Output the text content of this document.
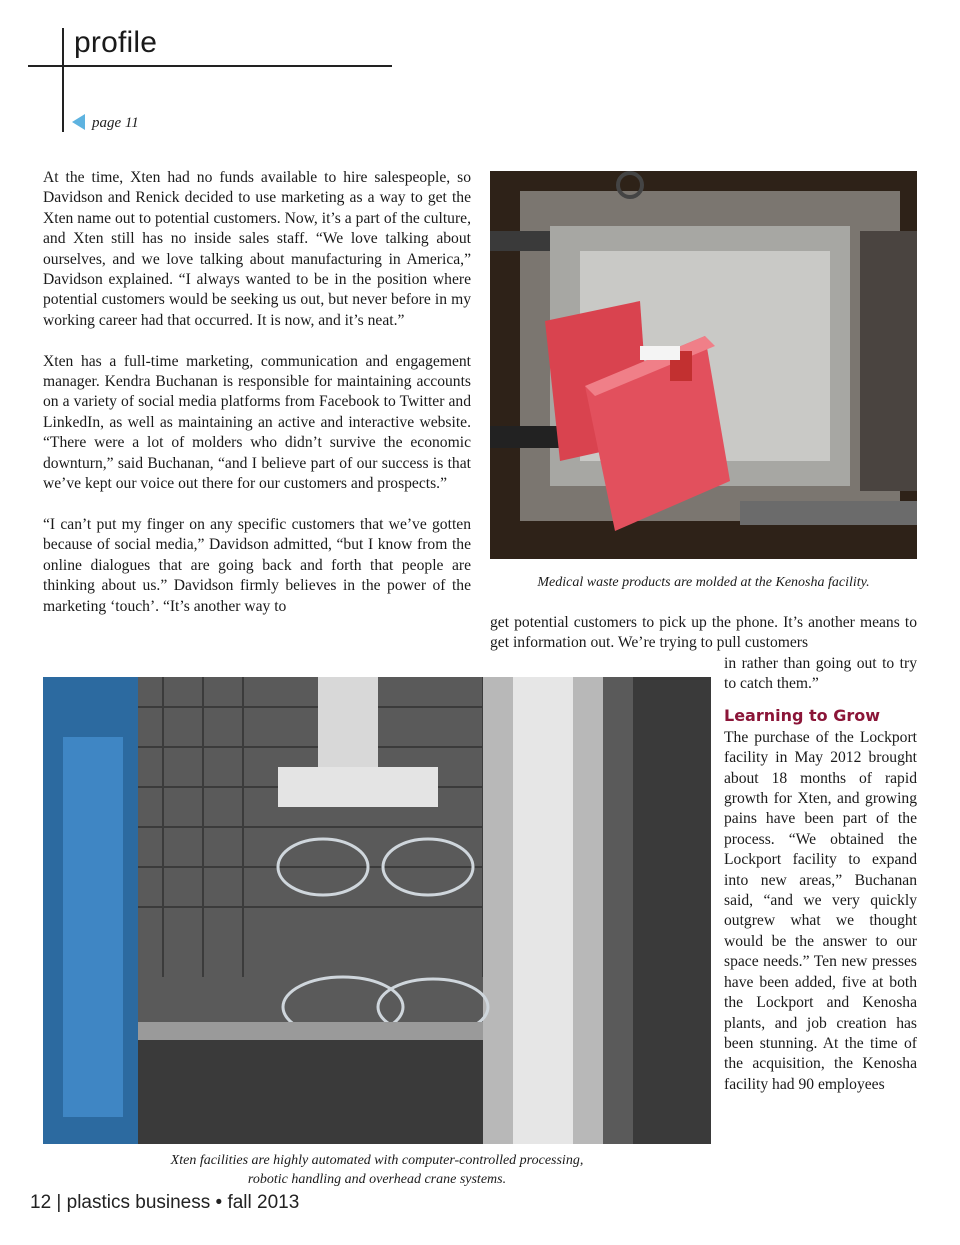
profile
page 11

At the time, Xten had no funds available to hire salespeople, so Davidson and Renick decided to use marketing as a way to get the Xten name out to potential customers. Now, it’s a part of the culture, and Xten still has no inside sales staff. “We love talking about ourselves, and we love talking about manufacturing in America,” Davidson explained. “I always wanted to be in the position where potential customers would be seeking us out, but never before in my working career had that occurred. It is now, and it’s neat.”

Xten has a full-time marketing, communication and engagement manager. Kendra Buchanan is responsible for maintaining accounts on a variety of social media platforms from Facebook to Twitter and LinkedIn, as well as maintaining an active and interactive website. “There were a lot of molders who didn’t survive the economic downturn,” said Buchanan, “and I believe part of our success is that we’ve kept our voice out there for our customers and prospects.”

“I can’t put my finger on any specific customers that we’ve gotten because of social media,” Davidson admitted, “but I know from the online dialogues that are going back and forth that people are thinking about us.” Davidson firmly believes in the power of the marketing ‘touch’. “It’s another way to

Medical waste products are molded at the Kenosha facility.
get potential customers to pick up the phone. It’s another means to get information out. We’re trying to pull customers
in rather than going out to try to catch them.”
Learning to Grow
The purchase of the Lockport facility in May 2012 brought about 18 months of rapid growth for Xten, and growing pains have been part of the process. “We obtained the Lockport facility to expand into new areas,” Buchanan said, “and we very quickly outgrew what we thought would be the answer to our space needs.” Ten new presses have been added, five at both the Lockport and Kenosha plants, and job creation has been stunning. At the time of the acquisition, the Kenosha facility had 90 employees
Xten facilities are highly automated with computer-controlled processing,
robotic handling and overhead crane systems.
12 | plastics business • fall 2013
